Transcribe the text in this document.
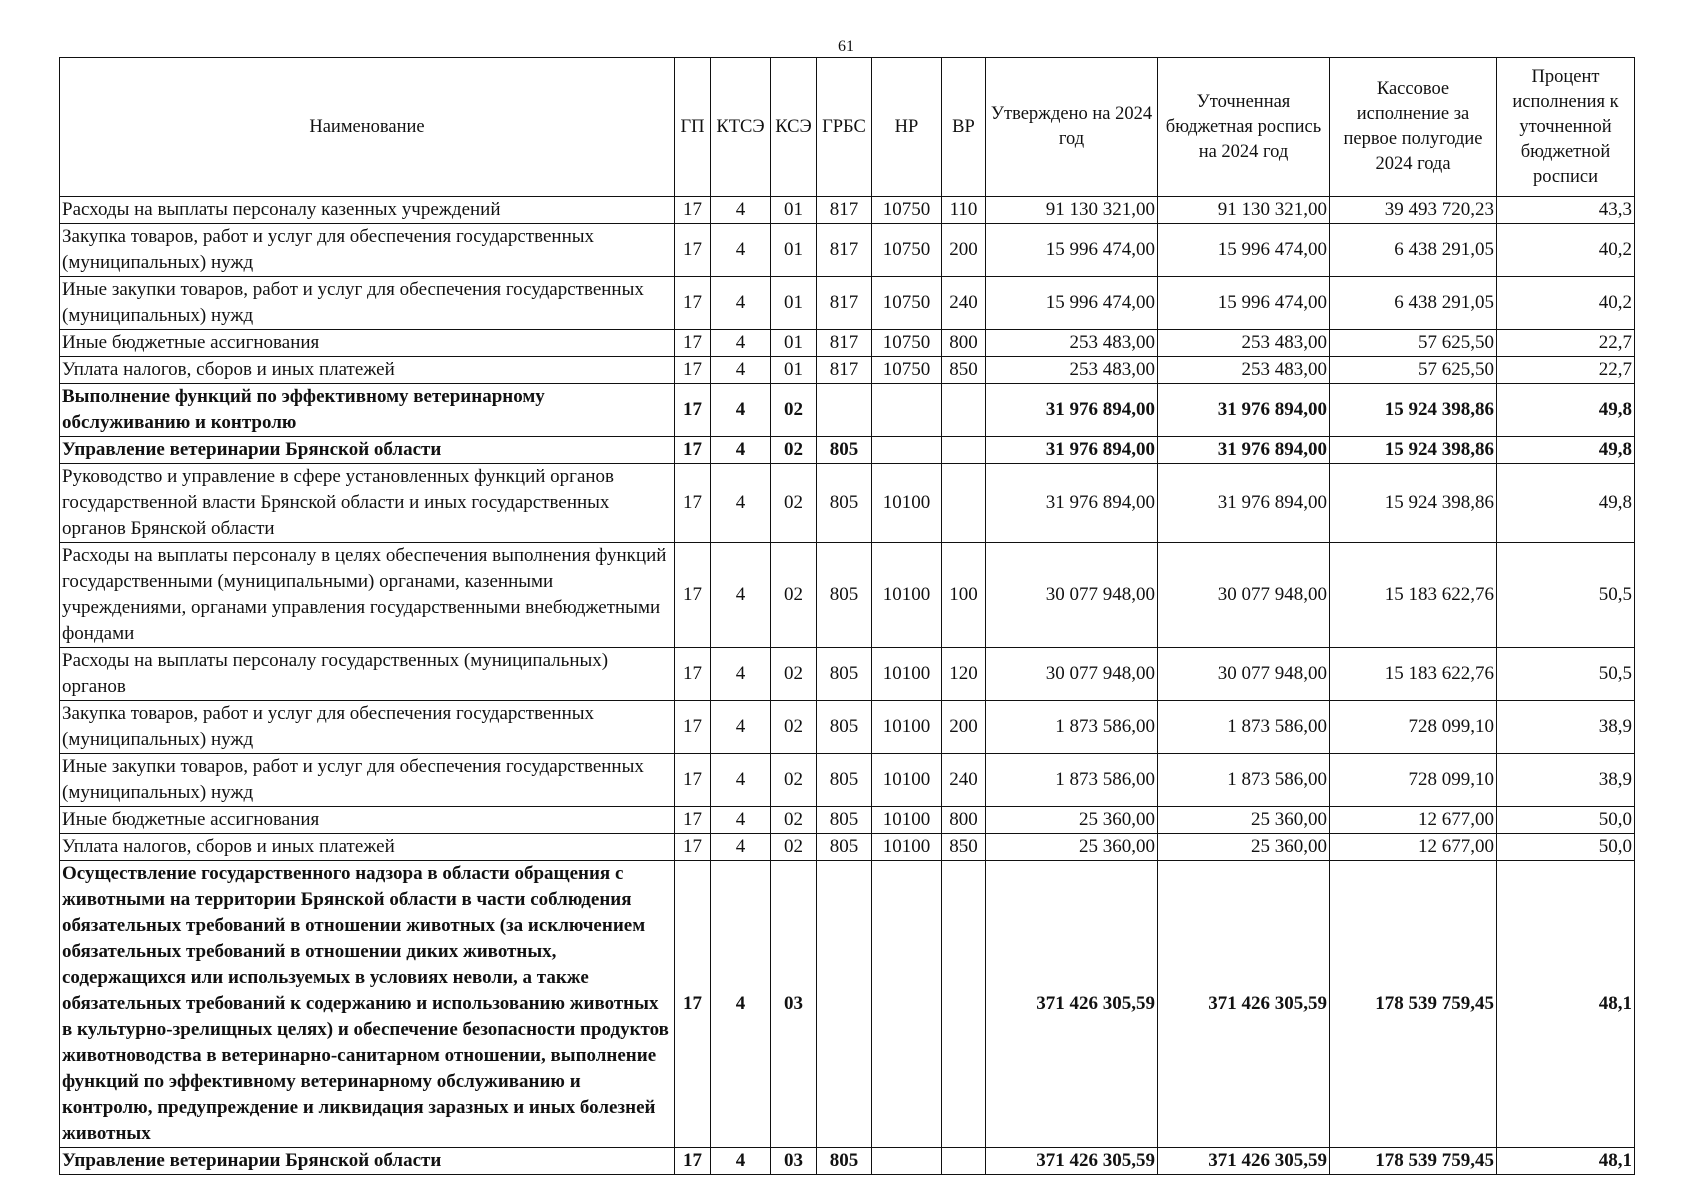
61
Наименование	ГП	КТСЭ	КСЭ	ГРБС	НР	ВР	Утверждено на 2024 год	Уточненная бюджетная роспись на 2024 год	Кассовое исполнение за первое полугодие 2024 года	Процент исполнения к уточненной бюджетной росписи
Расходы на выплаты персоналу казенных учреждений	17	4	01	817	10750	110	91 130 321,00	91 130 321,00	39 493 720,23	43,3
Закупка товаров, работ и услуг для обеспечения государственных (муниципальных) нужд	17	4	01	817	10750	200	15 996 474,00	15 996 474,00	6 438 291,05	40,2
Иные закупки товаров, работ и услуг для обеспечения государственных (муниципальных) нужд	17	4	01	817	10750	240	15 996 474,00	15 996 474,00	6 438 291,05	40,2
Иные бюджетные ассигнования	17	4	01	817	10750	800	253 483,00	253 483,00	57 625,50	22,7
Уплата налогов, сборов и иных платежей	17	4	01	817	10750	850	253 483,00	253 483,00	57 625,50	22,7
Выполнение функций по эффективному ветеринарному обслуживанию и контролю	17	4	02				31 976 894,00	31 976 894,00	15 924 398,86	49,8
Управление ветеринарии Брянской области	17	4	02	805			31 976 894,00	31 976 894,00	15 924 398,86	49,8
Руководство и управление в сфере установленных функций органов государственной власти Брянской области и иных государственных органов Брянской области	17	4	02	805	10100		31 976 894,00	31 976 894,00	15 924 398,86	49,8
Расходы на выплаты персоналу в целях обеспечения выполнения функций государственными (муниципальными) органами, казенными учреждениями, органами управления государственными внебюджетными фондами	17	4	02	805	10100	100	30 077 948,00	30 077 948,00	15 183 622,76	50,5
Расходы на выплаты персоналу государственных (муниципальных) органов	17	4	02	805	10100	120	30 077 948,00	30 077 948,00	15 183 622,76	50,5
Закупка товаров, работ и услуг для обеспечения государственных (муниципальных) нужд	17	4	02	805	10100	200	1 873 586,00	1 873 586,00	728 099,10	38,9
Иные закупки товаров, работ и услуг для обеспечения государственных (муниципальных) нужд	17	4	02	805	10100	240	1 873 586,00	1 873 586,00	728 099,10	38,9
Иные бюджетные ассигнования	17	4	02	805	10100	800	25 360,00	25 360,00	12 677,00	50,0
Уплата налогов, сборов и иных платежей	17	4	02	805	10100	850	25 360,00	25 360,00	12 677,00	50,0
Осуществление государственного надзора в области обращения с животными на территории Брянской области в части соблюдения обязательных требований в отношении животных (за исключением обязательных требований в отношении диких животных, содержащихся или используемых в условиях неволи, а также обязательных требований к содержанию и использованию животных в культурно-зрелищных целях) и обеспечение безопасности продуктов животноводства в ветеринарно-санитарном отношении, выполнение функций по эффективному ветеринарному обслуживанию и контролю, предупреждение и ликвидация заразных и иных болезней животных	17	4	03				371 426 305,59	371 426 305,59	178 539 759,45	48,1
Управление ветеринарии Брянской области	17	4	03	805			371 426 305,59	371 426 305,59	178 539 759,45	48,1
